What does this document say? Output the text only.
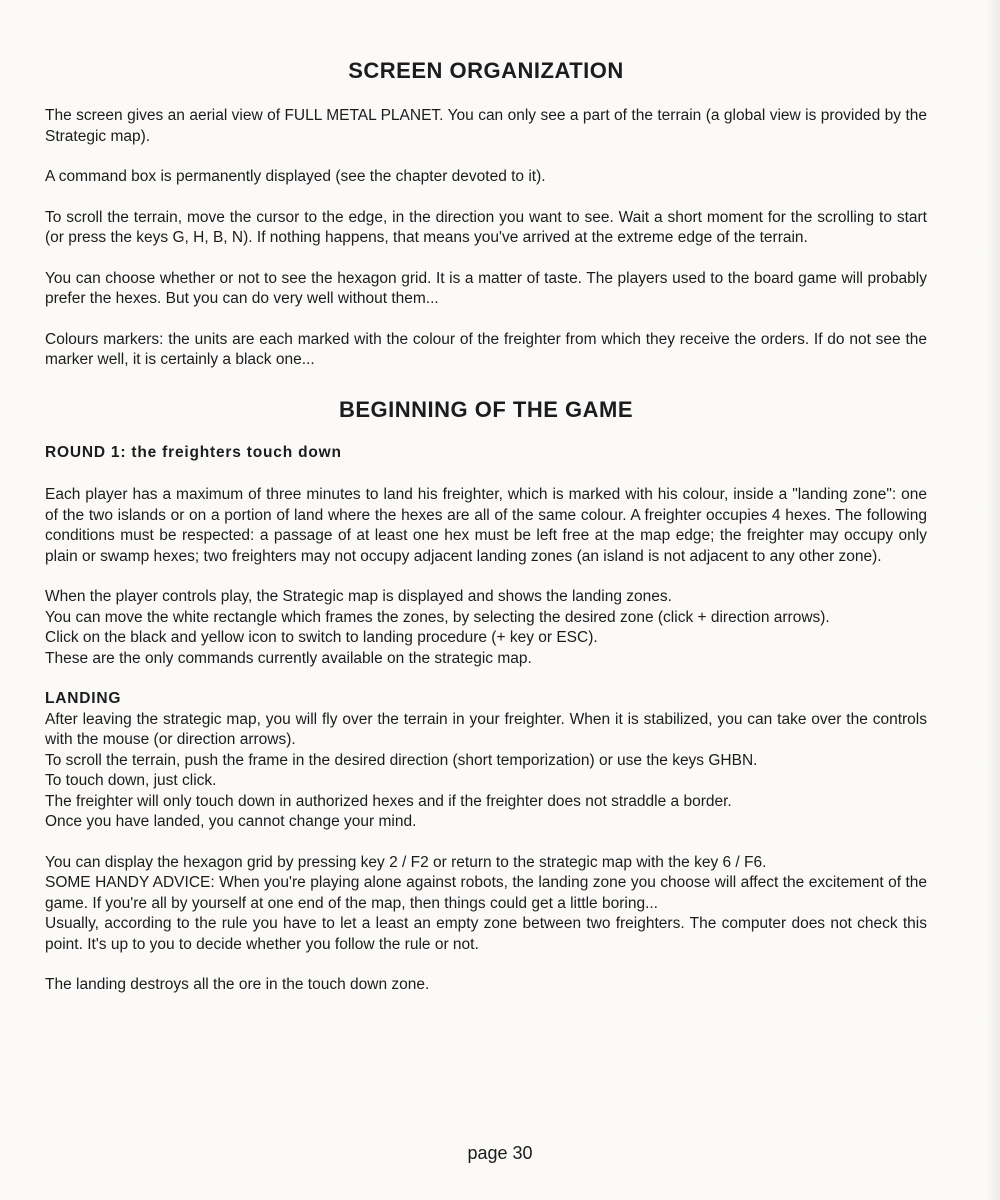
SCREEN ORGANIZATION

The screen gives an aerial view of FULL METAL PLANET. You can only see a part of the terrain (a global view is provided by the Strategic map).

A command box is permanently displayed (see the chapter devoted to it).

To scroll the terrain, move the cursor to the edge, in the direction you want to see. Wait a short moment for the scrolling to start (or press the keys G, H, B, N). If nothing happens, that means you've arrived at the extreme edge of the terrain.

You can choose whether or not to see the hexagon grid. It is a matter of taste. The players used to the board game will probably prefer the hexes. But you can do very well without them...

Colours markers: the units are each marked with the colour of the freighter from which they receive the orders. If do not see the marker well, it is certainly a black one...

BEGINNING OF THE GAME
ROUND 1: the freighters touch down

Each player has a maximum of three minutes to land his freighter, which is marked with his colour, inside a "landing zone": one of the two islands or on a portion of land where the hexes are all of the same colour. A freighter occupies 4 hexes. The following conditions must be respected: a passage of at least one hex must be left free at the map edge; the freighter may occupy only plain or swamp hexes; two freighters may not occupy adjacent landing zones (an island is not adjacent to any other zone).

When the player controls play, the Strategic map is displayed and shows the landing zones.
You can move the white rectangle which frames the zones, by selecting the desired zone (click + direction arrows).
Click on the black and yellow icon to switch to landing procedure (+ key or ESC).
These are the only commands currently available on the strategic map.
LANDING
After leaving the strategic map, you will fly over the terrain in your freighter. When it is stabilized, you can take over the controls with the mouse (or direction arrows).
To scroll the terrain, push the frame in the desired direction (short temporization) or use the keys GHBN.
To touch down, just click.
The freighter will only touch down in authorized hexes and if the freighter does not straddle a border.
Once you have landed, you cannot change your mind.
You can display the hexagon grid by pressing key 2 / F2 or return to the strategic map with the key 6 / F6.
SOME HANDY ADVICE: When you're playing alone against robots, the landing zone you choose will affect the excitement of the game. If you're all by yourself at one end of the map, then things could get a little boring...
Usually, according to the rule you have to let a least an empty zone between two freighters. The computer does not check this point. It's up to you to decide whether you follow the rule or not.

The landing destroys all the ore in the touch down zone.

page 30
